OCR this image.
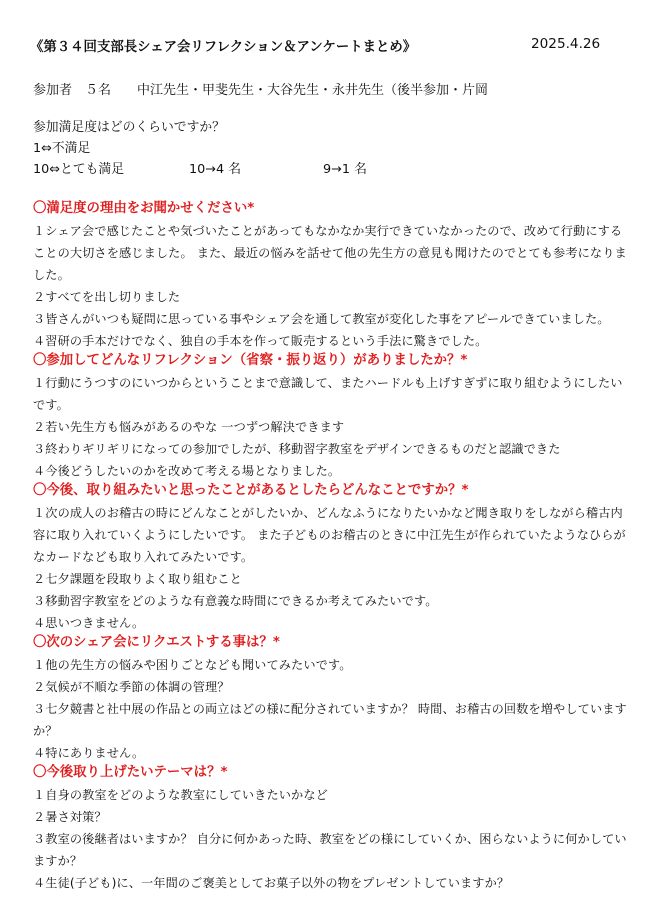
《第３４回支部長シェア会リフレクション＆アンケートまとめ》	2025.4.26
参加者　５名　　 中江先生・甲斐先生・大谷先生・永井先生（後半参加・片岡
参加満足度はどのくらいですか？
1⇔不満足

10⇔とても満足

	10→4 名

	9→1 名

〇満足度の理由をお聞かせください*
１シェア会で感じたことや気づいたことがあってもなかなか実行できていなかったので、改めて行動にすることの大切さを感じました。 また、最近の悩みを話せて他の先生方の意見も聞けたのでとても参考になりました。
２すべてを出し切りました
３皆さんがいつも疑問に思っている事やシェア会を通して教室が変化した事をアピールできていました。
４習研の手本だけでなく、独自の手本を作って販売するという手法に驚きでした。
〇参加してどんなリフレクション（省察・振り返り）がありましたか？*
１行動にうつすのにいつからということまで意識して、またハードルも上げすぎずに取り組むようにしたいです。
２若い先生方も悩みがあるのやな 一つずつ解決できます
３終わりギリギリになっての参加でしたが、移動習字教室をデザインできるものだと認識できた
４今後どうしたいのかを改めて考える場となりました。
〇今後、取り組みたいと思ったことがあるとしたらどんなことですか？*
１次の成人のお稽古の時にどんなことがしたいか、どんなふうになりたいかなど聞き取りをしながら稽古内容に取り入れていくようにしたいです。 また子どものお稽古のときに中江先生が作られていたようなひらがなカードなども取り入れてみたいです。
２七夕課題を段取りよく取り組むこと
３移動習字教室をどのような有意義な時間にできるか考えてみたいです。
４思いつきません。
〇次のシェア会にリクエストする事は？*
１他の先生方の悩みや困りごとなども聞いてみたいです。
２気候が不順な季節の体調の管理？
３七夕競書と社中展の作品との両立はどの様に配分されていますか？ 時間、お稽古の回数を増やしていますか？
４特にありません。
〇今後取り上げたいテーマは？*
１自身の教室をどのような教室にしていきたいかなど
２暑さ対策？
３教室の後継者はいますか？ 自分に何かあった時、教室をどの様にしていくか、困らないように何かしていますか？
４生徒(子ども)に、一年間のご褒美としてお菓子以外の物をプレゼントしていますか？
